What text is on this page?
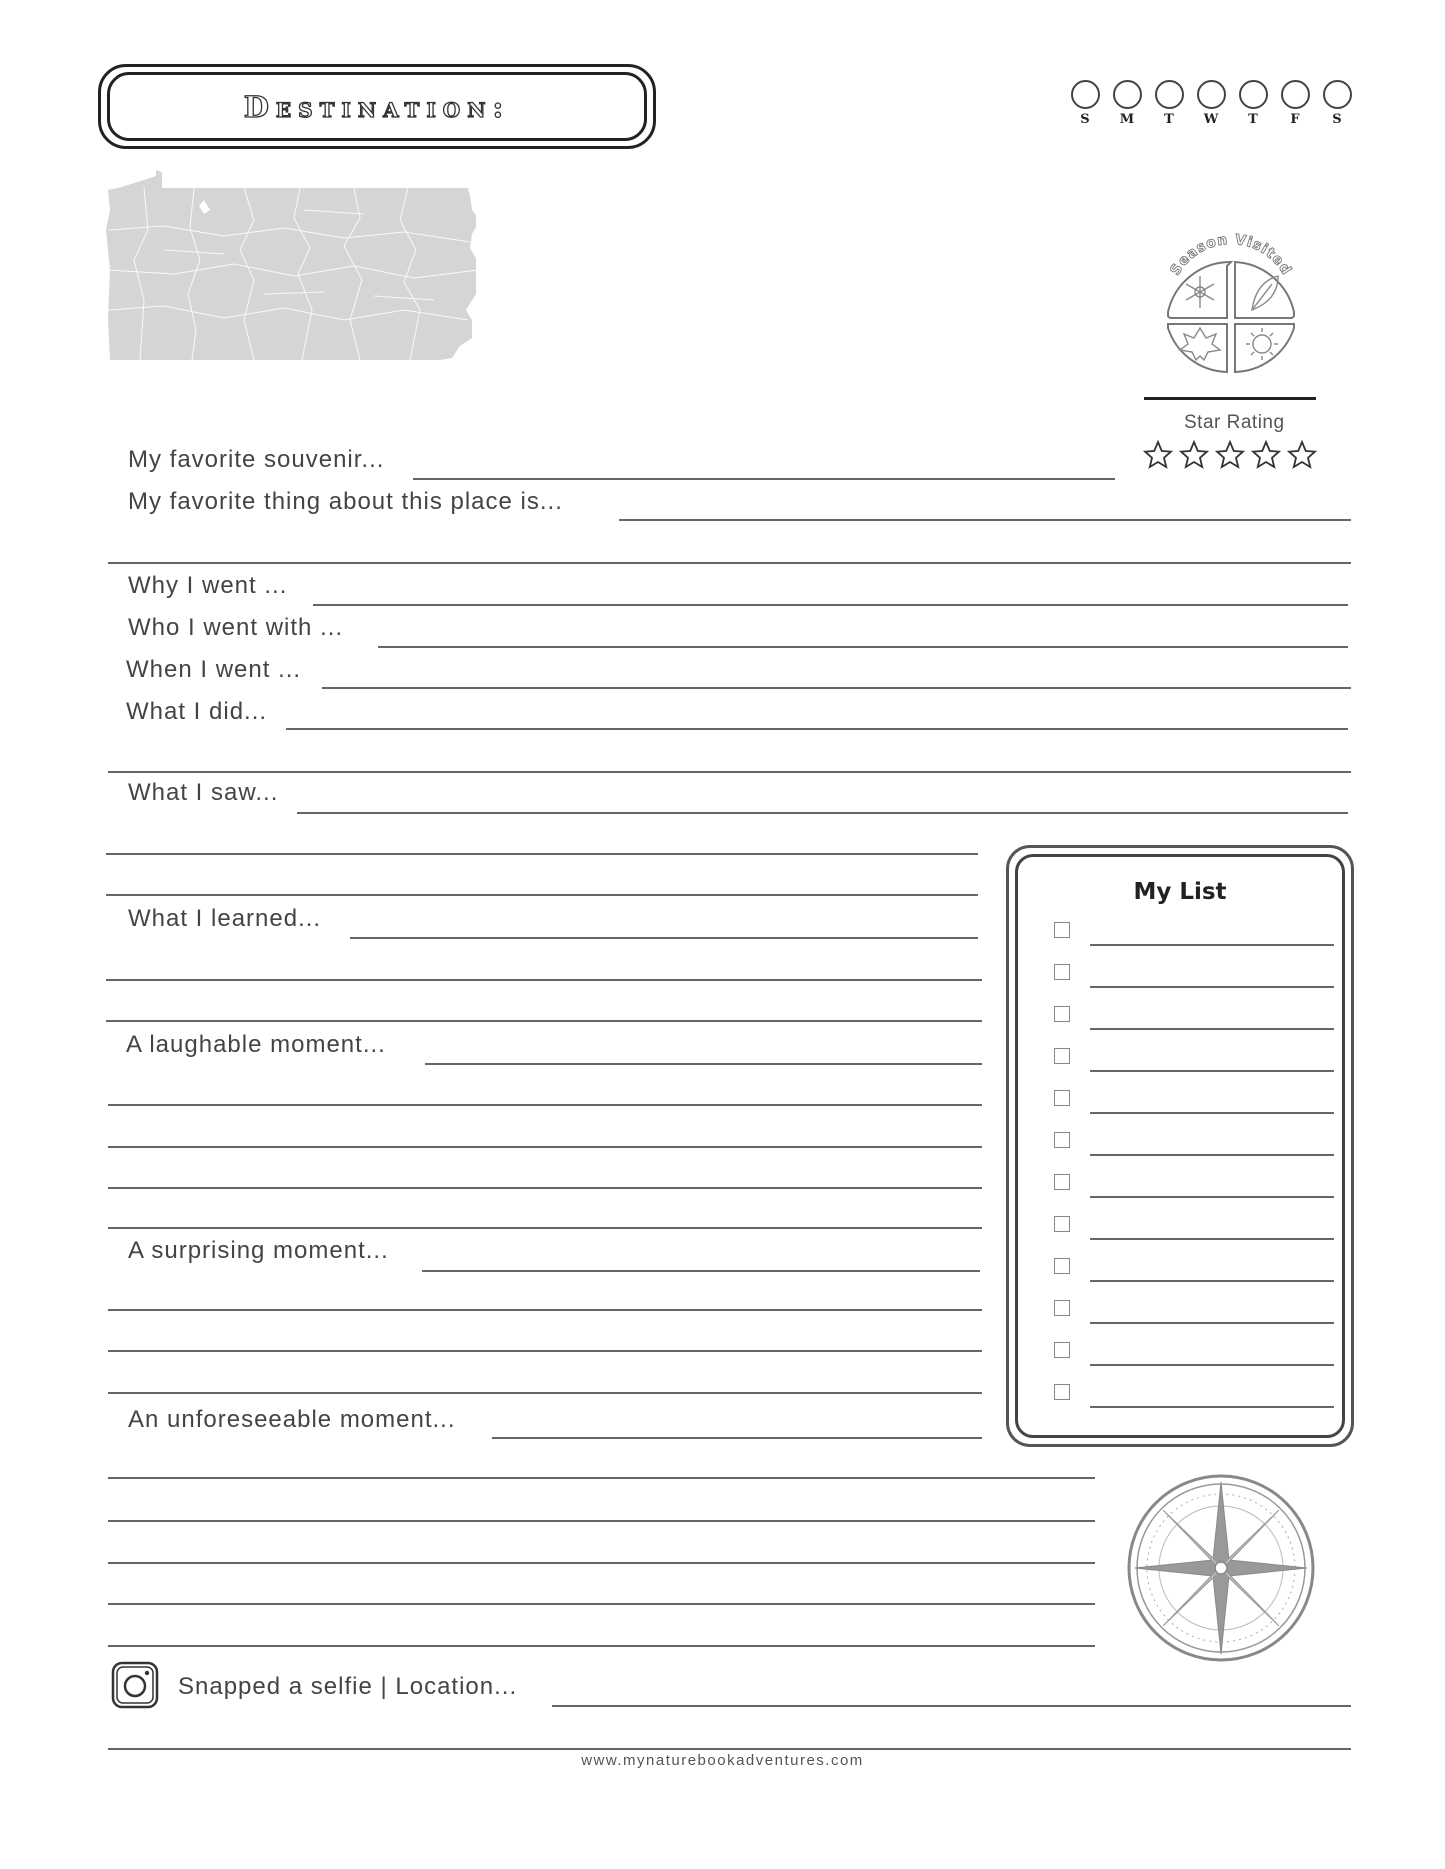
Destination:	S M T W T	F	S
Season Visited
Star Rating
My favorite souvenir...
My favorite thing about this place is...
Why I went ...
Who I went with ...
When I went ...
What I did...
What I saw...
What I learned...
A laughable moment...
A surprising moment...
An unforeseeable moment...
My List
Snapped a selfie | Location...
www.mynaturebookadventures.com
